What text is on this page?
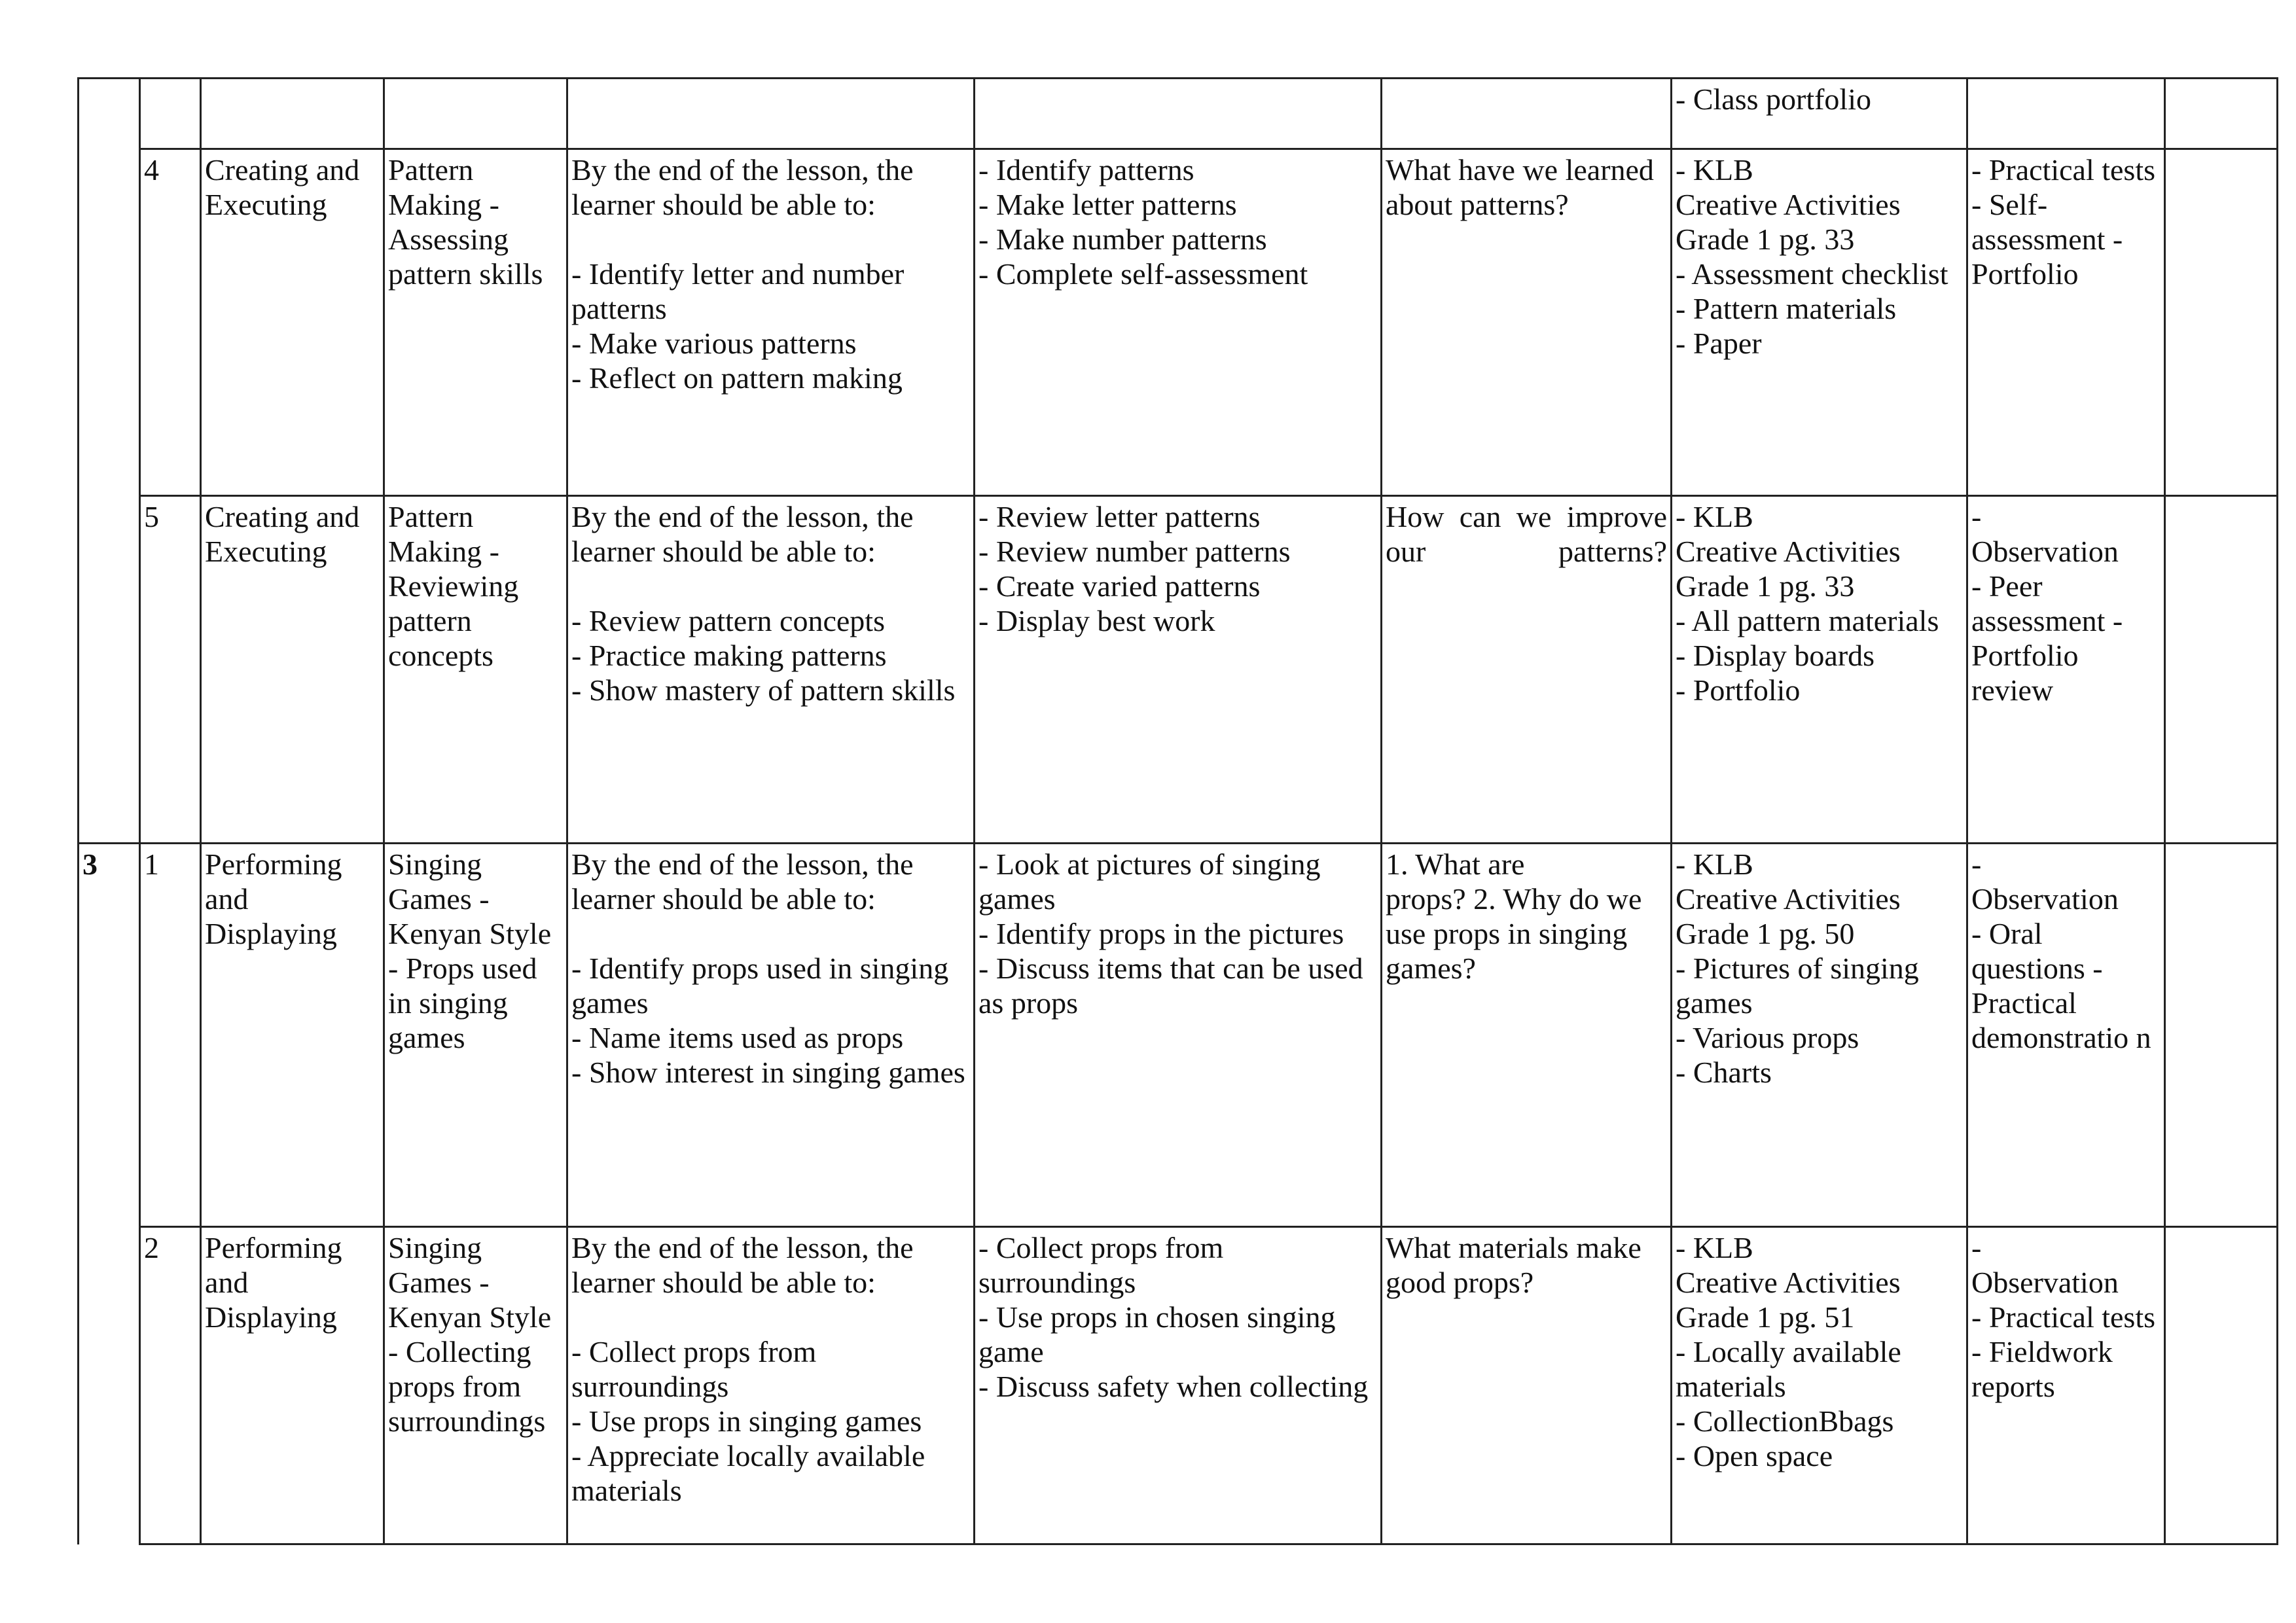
							- Class portfolio		

	4	Creating and Executing	Pattern Making - Assessing pattern skills	By the end of the lesson, the learner should be able to:
- Identify letter and number patterns
- Make various patterns
- Reflect on pattern making	- Identify patterns
- Make letter patterns
- Make number patterns
- Complete self-assessment	What have we learned about patterns?	- KLB
Creative Activities Grade 1 pg. 33
- Assessment checklist
- Pattern materials
- Paper	- Practical tests - Self-assessment - Portfolio	

	5	Creating and Executing	Pattern Making - Reviewing pattern concepts	By the end of the lesson, the learner should be able to:
- Review pattern concepts
- Practice making patterns
- Show mastery of pattern skills	- Review letter patterns
- Review number patterns
- Create varied patterns
- Display best work	How can we improve our patterns?	- KLB
Creative Activities Grade 1 pg. 33
- All pattern materials
- Display boards
- Portfolio	-
Observation
- Peer assessment - Portfolio review	

3	1	Performing and Displaying	Singing Games - Kenyan Style
- Props used in singing games	By the end of the lesson, the learner should be able to:
- Identify props used in singing games
- Name items used as props
- Show interest in singing games	- Look at pictures of singing games
- Identify props in the pictures
- Discuss items that can be used as props	1. What are
props? 2. Why do we use props in singing games?	- KLB
Creative Activities Grade 1 pg. 50
- Pictures of singing games
- Various props
- Charts	-
Observation
- Oral questions - Practical demonstratio n	

	2	Performing and Displaying	Singing Games - Kenyan Style
- Collecting props from surroundings	By the end of the lesson, the learner should be able to:
- Collect props from surroundings
- Use props in singing games
- Appreciate locally available materials	- Collect props from surroundings
- Use props in chosen singing game
- Discuss safety when collecting	What materials make good props?	- KLB
Creative Activities Grade 1 pg. 51
- Locally available materials
- CollectionBbags
- Open space	-
Observation
- Practical tests - Fieldwork reports	
